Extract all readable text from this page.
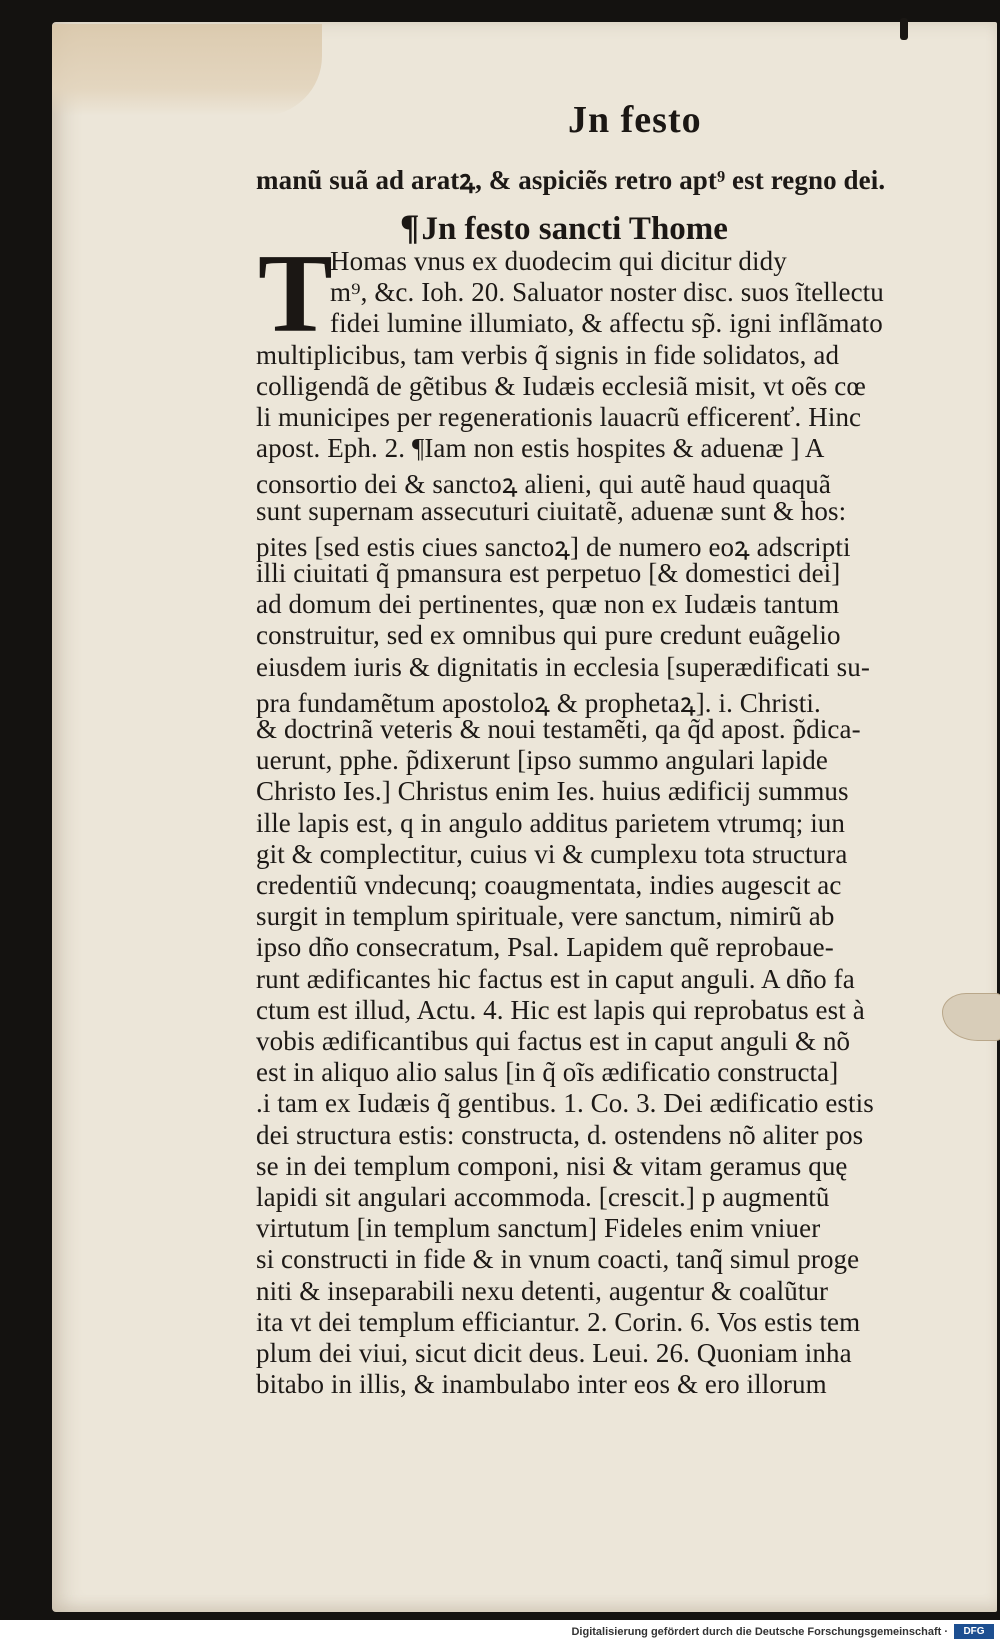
Jn festo
manũ suã ad aratꝝ, & aspiciẽs retro apt⁹ est regno dei.
¶Jn festo sancti Thome
T
Homas vnus ex duodecim qui dicitur didy
m⁹, &c. Ioh. 20. Saluator noster disc. suos ĩtellectu
fidei lumine illumiato, & affectu sp̃. igni inflãmato
multiplicibus, tam verbis q̃ signis in fide solidatos, ad
colligendã de gẽtibus & Iudæis ecclesiã misit, vt oẽs cœ
li municipes per regenerationis lauacrũ efficerenť. Hinc
apost. Eph. 2. ¶Iam non estis hospites & aduenæ ] A
consortio dei & sanctoꝝ alieni, qui autẽ haud quaquã
sunt supernam assecuturi ciuitatẽ, aduenæ sunt & hos:
pites [sed estis ciues sanctoꝝ] de numero eoꝝ adscripti
illi ciuitati q̃ pmansura est perpetuo [& domestici dei]
ad domum dei pertinentes, quæ non ex Iudæis tantum
construitur, sed ex omnibus qui pure credunt euãgelio
eiusdem iuris & dignitatis in ecclesia [superædificati su-
pra fundamẽtum apostoloꝝ & prophetaꝝ]. i. Christi.
& doctrinã veteris & noui testamẽti, qa q̃d apost. p̃dica-
uerunt, pphe. p̃dixerunt [ipso summo angulari lapide
Christo Ies.] Christus enim Ies. huius ædificij summus
ille lapis est, q in angulo additus parietem vtrumq; iun
git & complectitur, cuius vi & cumplexu tota structura
credentiũ vndecunq; coaugmentata, indies augescit ac
surgit in templum spirituale, vere sanctum, nimirũ ab
ipso dño consecratum, Psal. Lapidem quẽ reprobaue-
runt ædificantes hic factus est in caput anguli. A dño fa
ctum est illud, Actu. 4. Hic est lapis qui reprobatus est à
vobis ædificantibus qui factus est in caput anguli & nõ
est in aliquo alio salus [in q̃ oĩs ædificatio constructa]
.i tam ex Iudæis q̃ gentibus. 1. Co. 3. Dei ædificatio estis
dei structura estis: constructa, d. ostendens nõ aliter pos
se in dei templum componi, nisi & vitam geramus quę
lapidi sit angulari accommoda. [crescit.] p augmentũ
virtutum [in templum sanctum] Fideles enim vniuer
si constructi in fide & in vnum coacti, tanq̃ simul proge
niti & inseparabili nexu detenti, augentur & coalũtur
ita vt dei templum efficiantur. 2. Corin. 6. Vos estis tem
plum dei viui, sicut dicit deus. Leui. 26. Quoniam inha
bitabo in illis, & inambulabo inter eos & ero illorum
Digitalisierung gefördert durch die Deutsche Forschungsgemeinschaft ·	DFG
